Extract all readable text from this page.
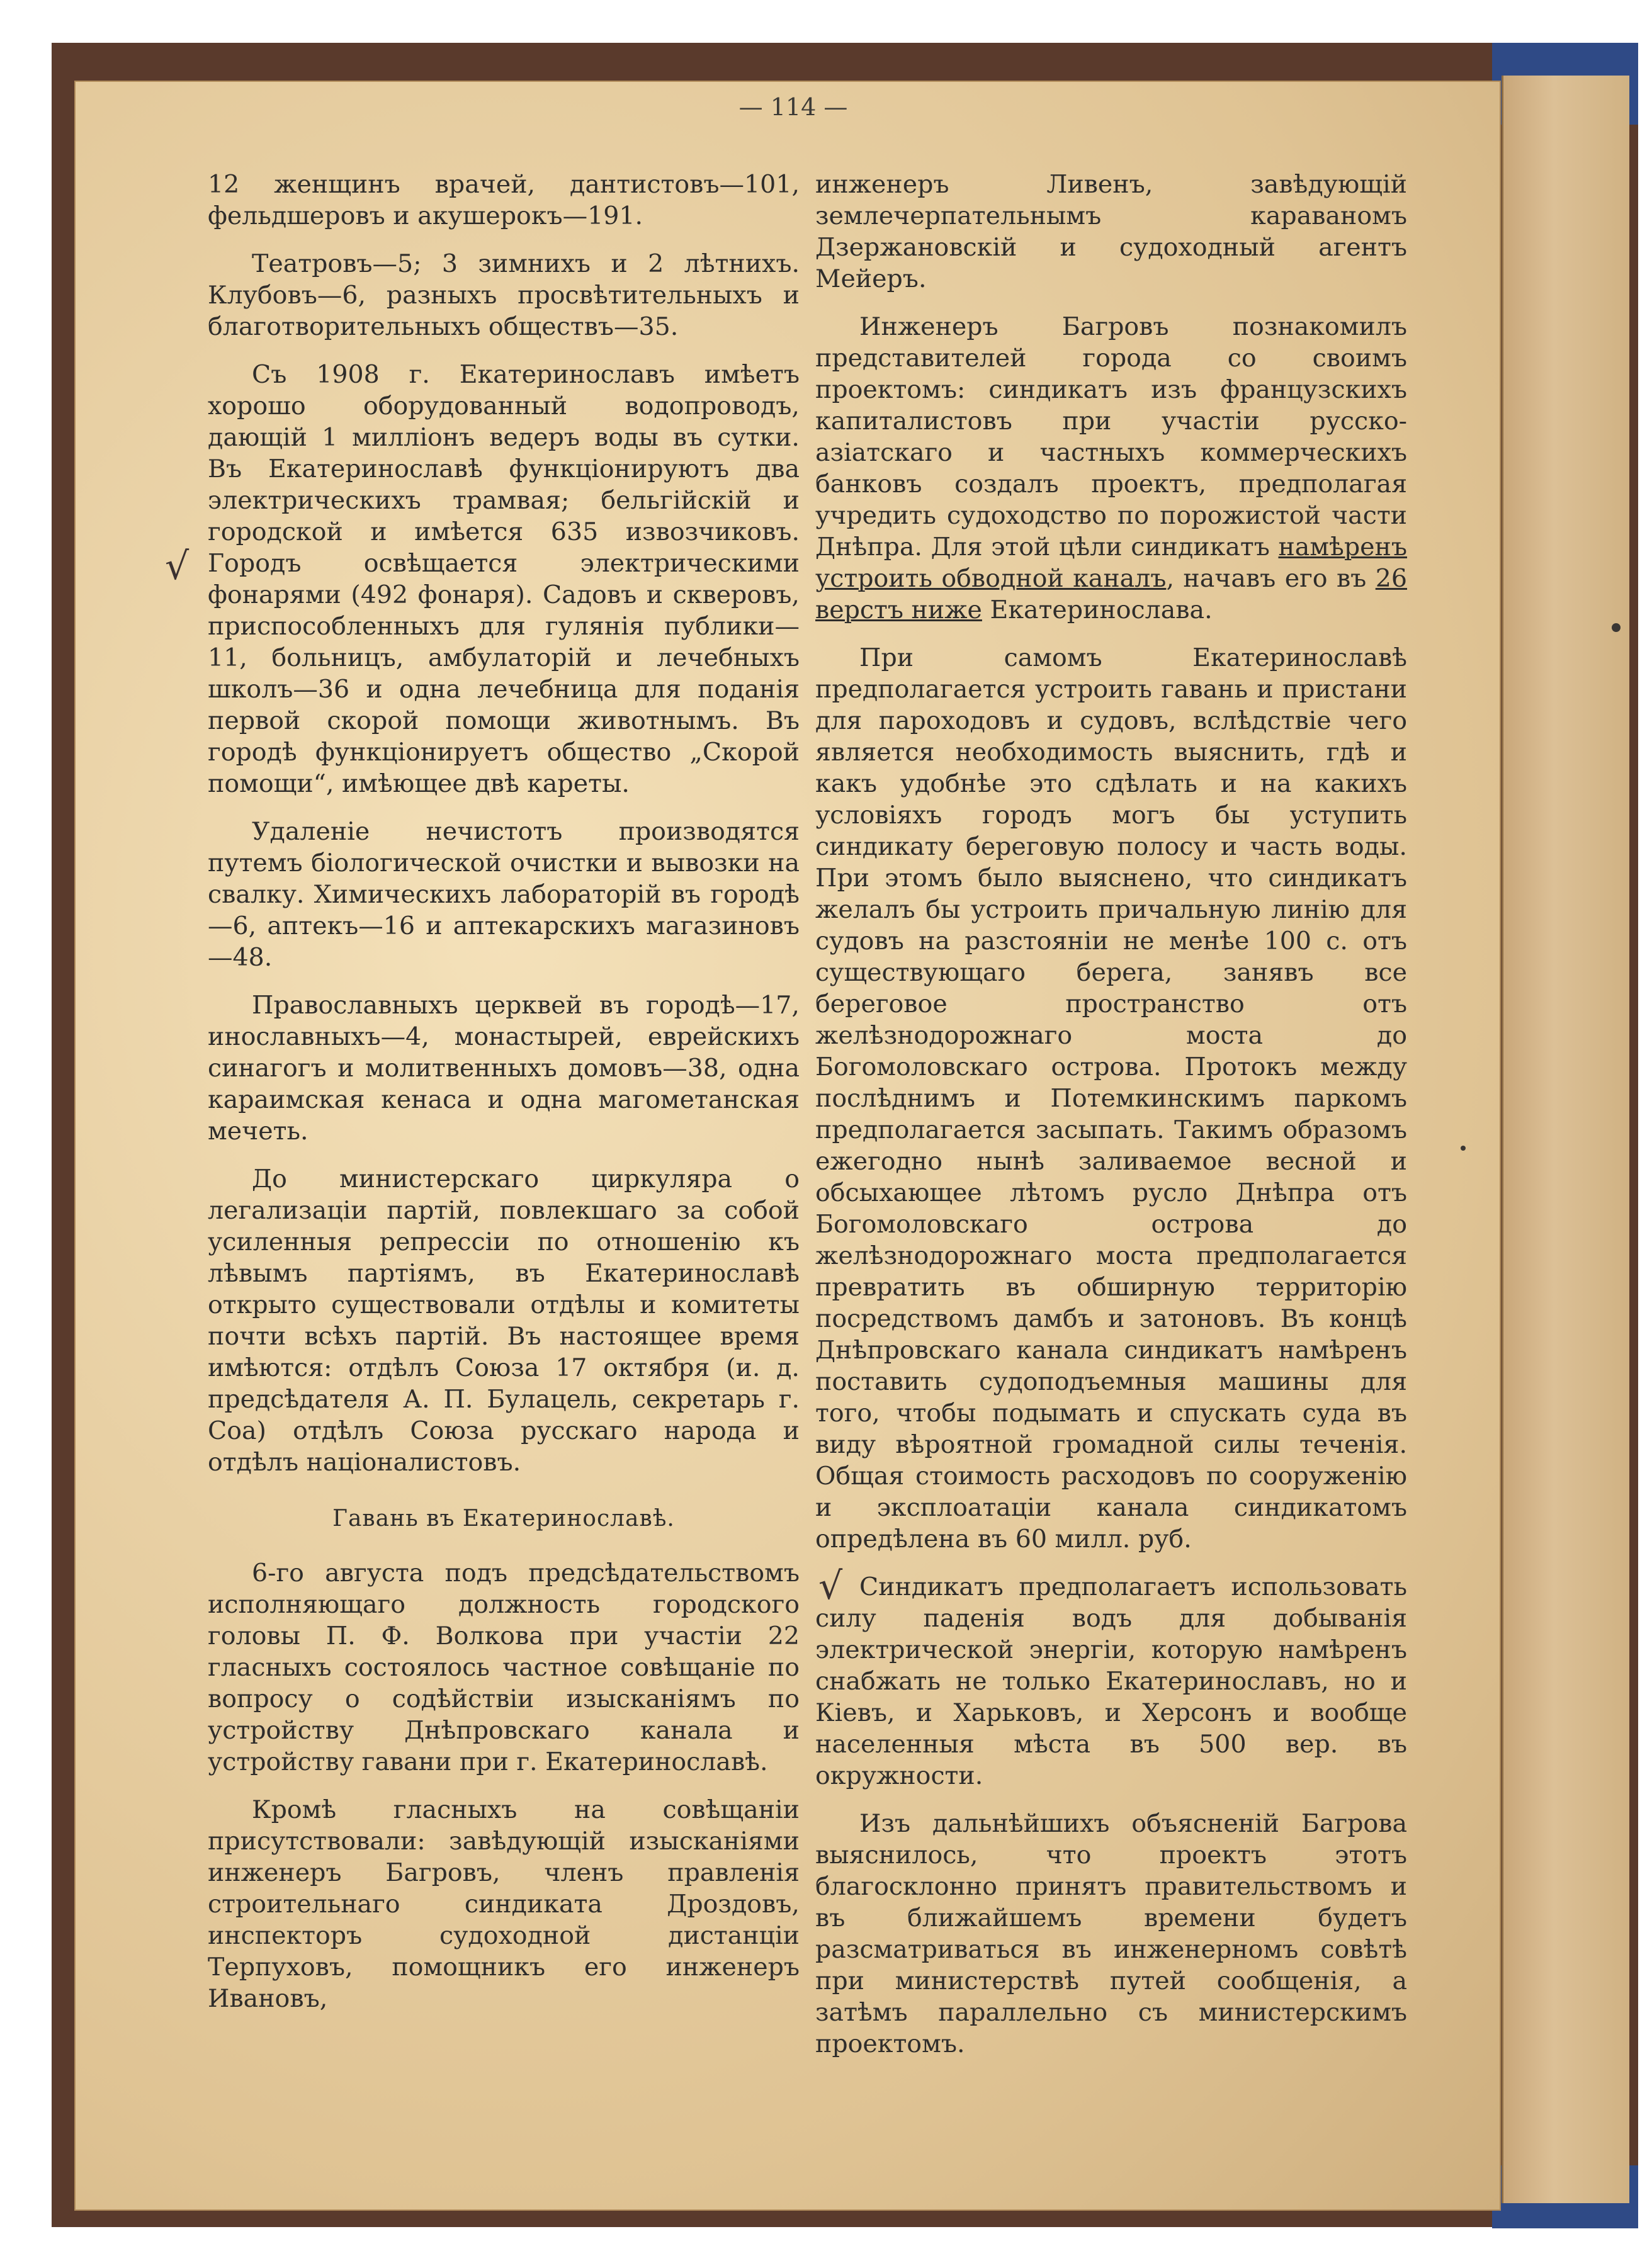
— 114 —

12 женщинъ врачей, дантистовъ—101, фельдшеровъ и акушерокъ—191.

Театровъ—5; 3 зимнихъ и 2 лѣтнихъ. Клубовъ—6, разныхъ просвѣтительныхъ и благотворительныхъ обществъ—35.

Съ 1908 г. Екатеринославъ имѣетъ хорошо оборудованный водопроводъ, дающій 1 милліонъ ведеръ воды въ сутки. Въ Екатеринославѣ функціонируютъ два электрическихъ трамвая; бельгійскій и городской и имѣется 635 извозчиковъ. Городъ освѣщается электрическими фонарями (492 фонаря). Садовъ и скверовъ, приспособленныхъ для гулянія публики—11, больницъ, амбулаторій и лечебныхъ школъ—36 и одна лечебница для поданія первой скорой помощи животнымъ. Въ городѣ функціонируетъ общество „Скорой помощи“, имѣющее двѣ кареты.

Удаленіе нечистотъ производятся путемъ біологической очистки и вывозки на свалку. Химическихъ лабораторій въ городѣ—6, аптекъ—16 и аптекарскихъ магазиновъ—48.

Православныхъ церквей въ городѣ—17, инославныхъ—4, монастырей, еврейскихъ синагогъ и молитвенныхъ домовъ—38, одна караимская кенаса и одна магометанская мечеть.

До министерскаго циркуляра о легализаціи партій, повлекшаго за собой усиленныя репрессіи по отношенію къ лѣвымъ партіямъ, въ Екатеринославѣ открыто существовали отдѣлы и комитеты почти всѣхъ партій. Въ настоящее время имѣются: отдѣлъ Союза 17 октября (и. д. предсѣдателя А. П. Булацель, секретарь г. Соа) отдѣлъ Союза русскаго народа и отдѣлъ націоналистовъ.

Гавань въ Екатеринославѣ.

6-го августа подъ предсѣдательствомъ исполняющаго должность городского головы П. Ф. Волкова при участіи 22 гласныхъ состоялось частное совѣщаніе по вопросу о содѣйствіи изысканіямъ по устройству Днѣпровскаго канала и устройству гавани при г. Екатеринославѣ.

Кромѣ гласныхъ на совѣщаніи присутствовали: завѣдующій изысканіями инженеръ Багровъ, членъ правленія строительнаго синдиката Дроздовъ, инспекторъ судоходной дистанціи Терпуховъ, помощникъ его инженеръ Ивановъ,

инженеръ Ливенъ, завѣдующій землечерпательнымъ караваномъ Дзержановскій и судоходный агентъ Мейеръ.

Инженеръ Багровъ познакомилъ представителей города со своимъ проектомъ: синдикатъ изъ французскихъ капиталистовъ при участіи русско-азіатскаго и частныхъ коммерческихъ банковъ создалъ проектъ, предполагая учредить судоходство по порожистой части Днѣпра. Для этой цѣли синдикатъ намѣренъ устроить обводной каналъ, начавъ его въ 26 верстъ ниже Екатеринослава.

При самомъ Екатеринославѣ предполагается устроить гавань и пристани для пароходовъ и судовъ, вслѣдствіе чего является необходимость выяснить, гдѣ и какъ удобнѣе это сдѣлать и на какихъ условіяхъ городъ могъ бы уступить синдикату береговую полосу и часть воды. При этомъ было выяснено, что синдикатъ желалъ бы устроить причальную линію для судовъ на разстояніи не менѣе 100 с. отъ существующаго берега, занявъ все береговое пространство отъ желѣзнодорожнаго моста до Богомоловскаго острова. Протокъ между послѣднимъ и Потемкинскимъ паркомъ предполагается засыпать. Такимъ образомъ ежегодно нынѣ заливаемое весной и обсыхающее лѣтомъ русло Днѣпра отъ Богомоловскаго острова до желѣзнодорожнаго моста предполагается превратить въ обширную территорію посредствомъ дамбъ и затоновъ. Въ концѣ Днѣпровскаго канала синдикатъ намѣренъ поставить судоподъемныя машины для того, чтобы подымать и спускать суда въ виду вѣроятной громадной силы теченія. Общая стоимость расходовъ по сооруженію и эксплоатаціи канала синдикатомъ опредѣлена въ 60 милл. руб.

Синдикатъ предполагаетъ использовать силу паденія водъ для добыванія электрической энергіи, которую намѣренъ снабжать не только Екатеринославъ, но и Кіевъ, и Харьковъ, и Херсонъ и вообще населенныя мѣста въ 500 вер. въ окружности.

Изъ дальнѣйшихъ объясненій Багрова выяснилось, что проектъ этотъ благосклонно принятъ правительствомъ и въ ближайшемъ времени будетъ разсматриваться въ инженерномъ совѣтѣ при министерствѣ путей сообщенія, а затѣмъ параллельно съ министерскимъ проектомъ.

√
√
